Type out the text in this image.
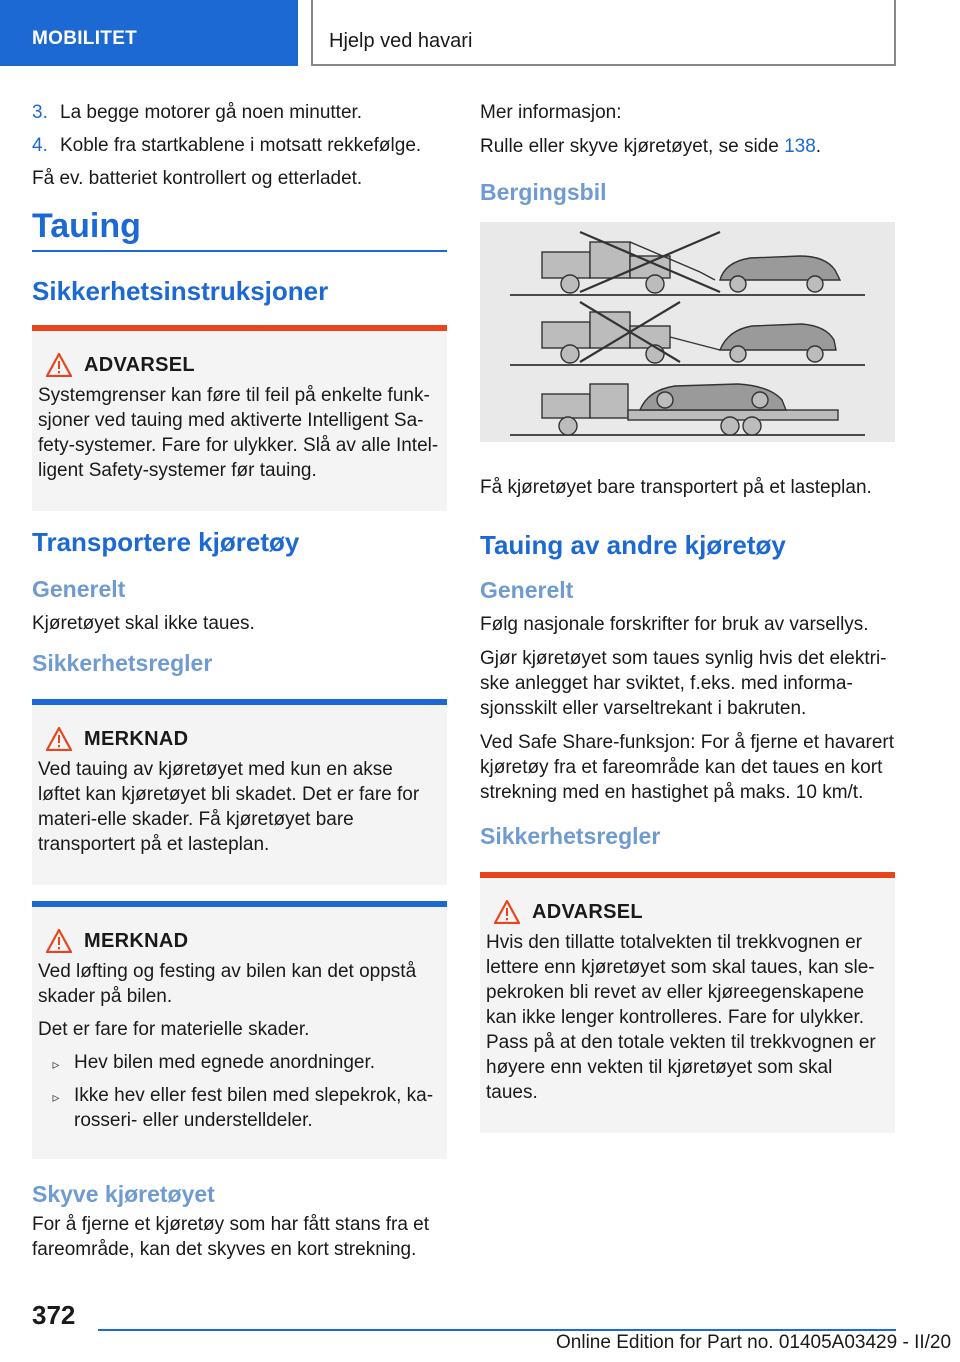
MOBILITET	Hjelp ved havari
3. La begge motorer gå noen minutter.
4. Koble fra startkablene i motsatt rekkefølge.

Få ev. batteriet kontrollert og etterladet.

Tauing
Sikkerhetsinstruksjoner
ADVARSEL

Systemgrenser kan føre til feil på enkelte funk-sjoner ved tauing med aktiverte Intelligent Sa-fety-systemer. Fare for ulykker. Slå av alle Intel-ligent Safety-systemer før tauing.

Transportere kjøretøy
Generelt

Kjøretøyet skal ikke taues.

Sikkerhetsregler
MERKNAD

Ved tauing av kjøretøyet med kun en akse løftet kan kjøretøyet bli skadet. Det er fare for materi-elle skader. Få kjøretøyet bare transportert på et lasteplan.

MERKNAD

Ved løfting og festing av bilen kan det oppstå skader på bilen.

Det er fare for materielle skader.

▹ Hev bilen med egnede anordninger.
▹ Ikke hev eller fest bilen med slepekrok, ka-rosseri- eller understelldeler.
Skyve kjøretøyet

For å fjerne et kjøretøy som har fått stans fra et fareområde, kan det skyves en kort strekning.

Mer informasjon:

Rulle eller skyve kjøretøyet, se side 138.

Bergingsbil

Få kjøretøyet bare transportert på et lasteplan.

Tauing av andre kjøretøy
Generelt

Følg nasjonale forskrifter for bruk av varsellys.

Gjør kjøretøyet som taues synlig hvis det elektri-ske anlegget har sviktet, f.eks. med informa-sjonsskilt eller varseltrekant i bakruten.

Ved Safe Share-funksjon: For å fjerne et havarert kjøretøy fra et fareområde kan det taues en kort strekning med en hastighet på maks. 10 km/t.

Sikkerhetsregler
ADVARSEL

Hvis den tillatte totalvekten til trekkvognen er lettere enn kjøretøyet som skal taues, kan sle-pekroken bli revet av eller kjøreegenskapene kan ikke lenger kontrolleres. Fare for ulykker. Pass på at den totale vekten til trekkvognen er høyere enn vekten til kjøretøyet som skal taues.

372
Online Edition for Part no. 01405A03429 - II/20
